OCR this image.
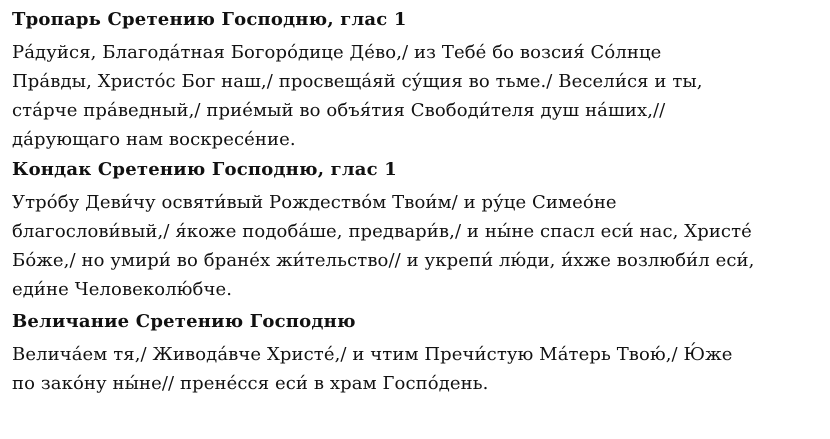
Тропарь Сретению Господню, глас 1

Ра́дуйся, Благода́тная Богоро́дице Де́во,/ из Тебе́ бо возсия́ Со́лнце
Пра́вды, Христо́с Бог наш,/ просвеща́яй су́щия во тьме./ Весели́ся и ты,
ста́рче пра́ведный,/ прие́мый во объя́тия Свободи́теля душ на́ших,//
да́рующаго нам воскресе́ние.

Кондак Сретению Господню, глас 1

Утро́бу Деви́чу освяти́вый Рождество́м Твои́м/ и ру́це Симео́не
благослови́вый,/ я́коже подоба́ше, предвари́в,/ и ны́не спасл еси́ нас, Христе́
Бо́же,/ но умири́ во бране́х жи́тельство// и укрепи́ лю́ди, и́хже возлюби́л еси́,
еди́не Человеколю́бче.

Величание Сретению Господню

Велича́ем тя,/ Живода́вче Христе́,/ и чтим Пречи́стую Ма́терь Твою́,/ Ю́же
по зако́ну ны́не// прене́сся еси́ в храм Госпо́день.
